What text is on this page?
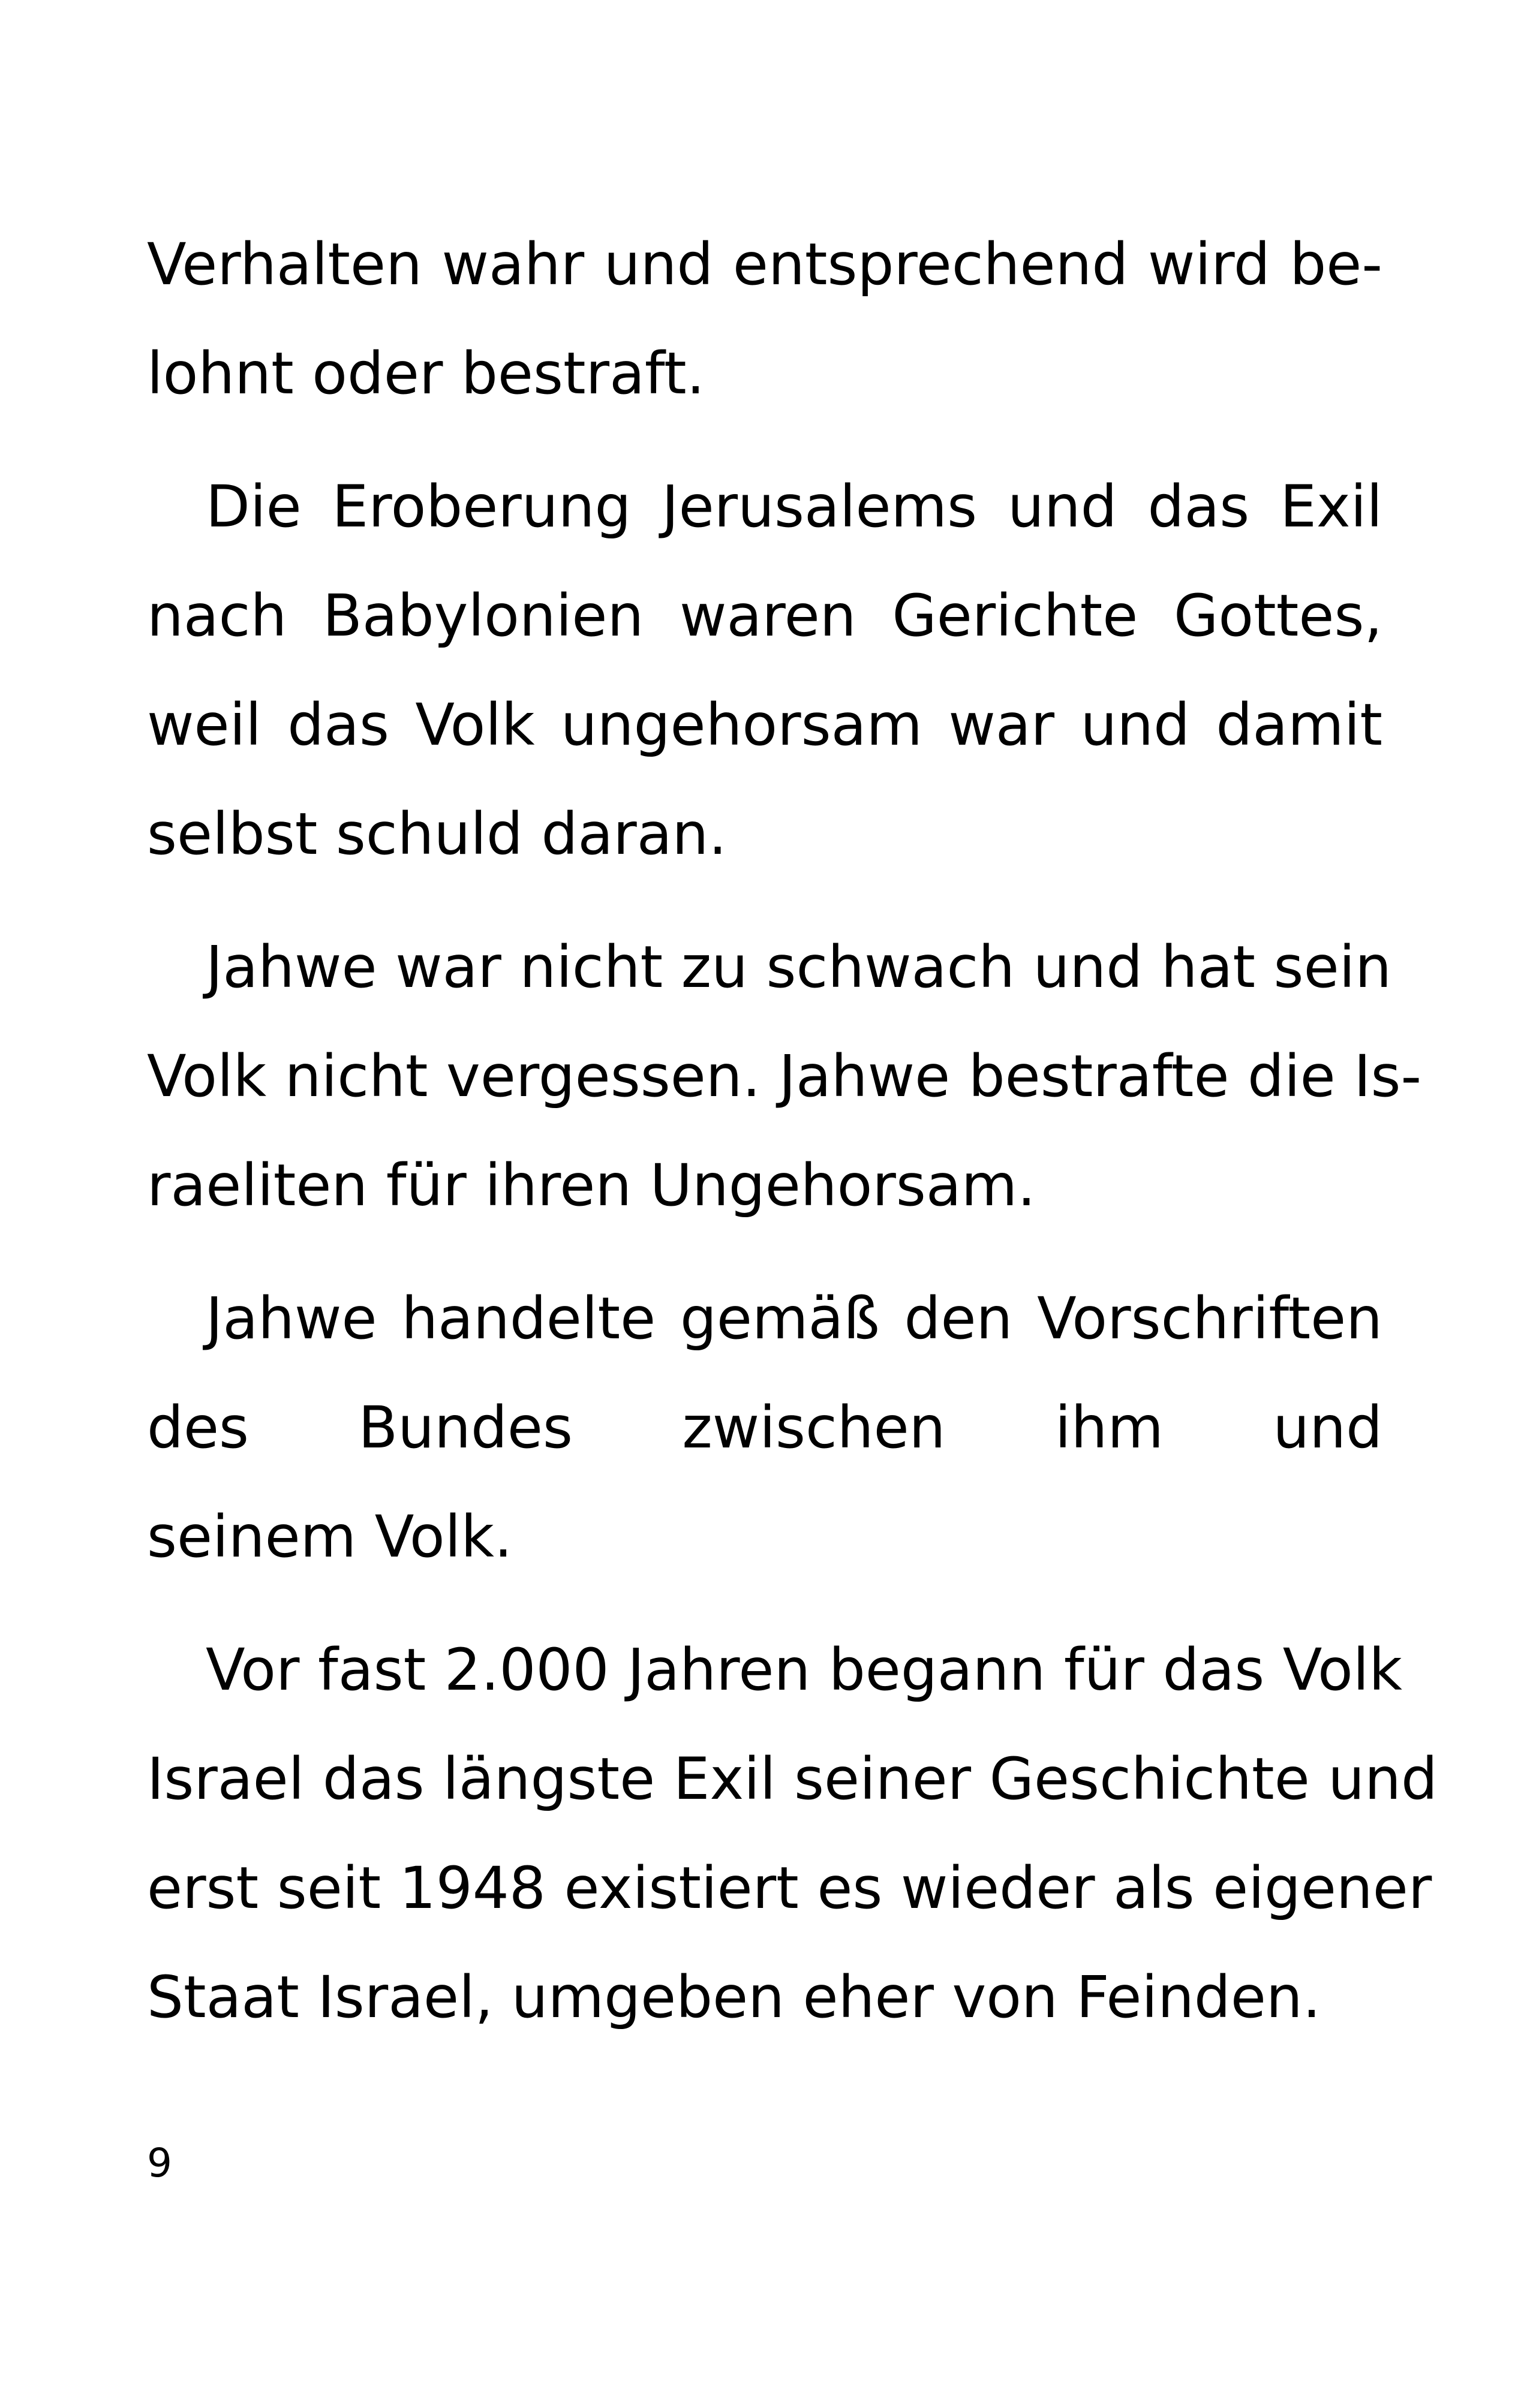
Verhalten wahr und entsprechend wird be-
lohnt oder bestraft.

Die Eroberung Jerusalems und das Exil
nach Babylonien waren Gerichte Gottes,
weil das Volk ungehorsam war und damit
selbst schuld daran.

Jahwe war nicht zu schwach und hat sein
Volk nicht vergessen. Jahwe bestrafte die Is-
raeliten für ihren Ungehorsam.

Jahwe handelte gemäß den Vorschriften
des Bundes zwischen ihm und
seinem Volk.

Vor fast 2.000 Jahren begann für das Volk
Israel das längste Exil seiner Geschichte und
erst seit 1948 existiert es wieder als eigener
Staat Israel, umgeben eher von Feinden.

9
